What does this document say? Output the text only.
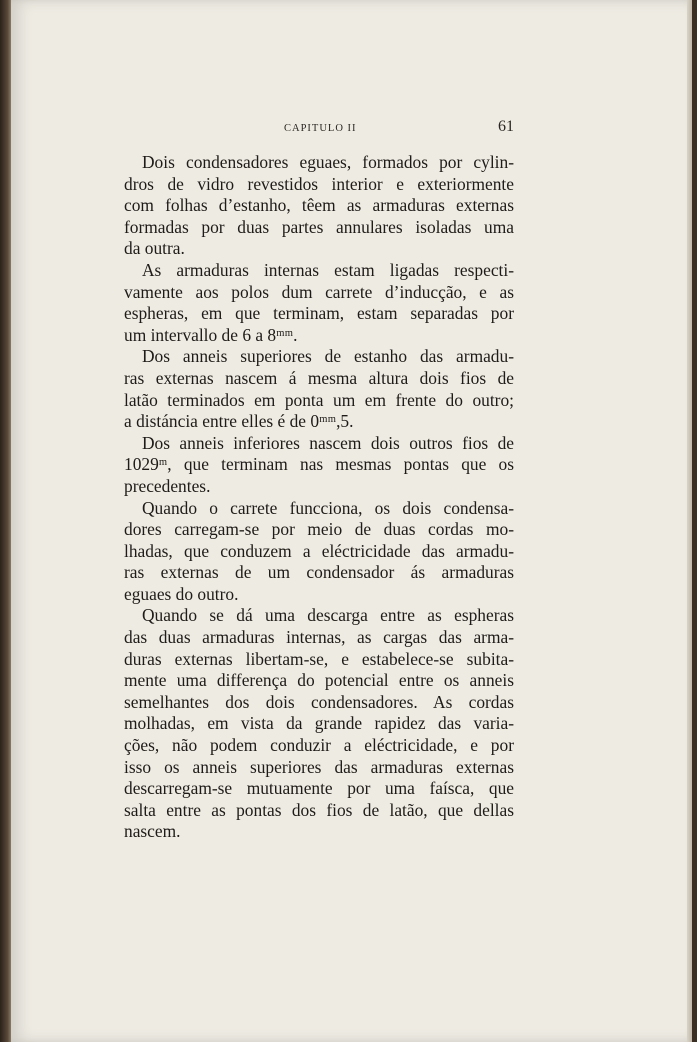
CAPITULO II	61

Dois condensadores eguaes, formados por cylin-
dros de vidro revestidos interior e exteriormente
com folhas d’estanho, têem as armaduras externas
formadas por duas partes annulares isoladas uma
da outra.

As armaduras internas estam ligadas respecti-
vamente aos polos dum carrete d’inducção, e as
espheras, em que terminam, estam separadas por
um intervallo de 6 a 8ᵐᵐ.

Dos anneis superiores de estanho das armadu-
ras externas nascem á mesma altura dois fios de
latão terminados em ponta um em frente do outro;
a distáncia entre elles é de 0ᵐᵐ,5.

Dos anneis inferiores nascem dois outros fios de
1029ᵐ, que terminam nas mesmas pontas que os
precedentes.

Quando o carrete funcciona, os dois condensa-
dores carregam-se por meio de duas cordas mo-
lhadas, que conduzem a eléctricidade das armadu-
ras externas de um condensador ás armaduras
eguaes do outro.

Quando se dá uma descarga entre as espheras
das duas armaduras internas, as cargas das arma-
duras externas libertam-se, e estabelece-se subita-
mente uma differença do potencial entre os anneis
semelhantes dos dois condensadores. As cordas
molhadas, em vista da grande rapidez das varia-
ções, não podem conduzir a eléctricidade, e por
isso os anneis superiores das armaduras externas
descarregam-se mutuamente por uma faísca, que
salta entre as pontas dos fios de latão, que dellas
nascem.
